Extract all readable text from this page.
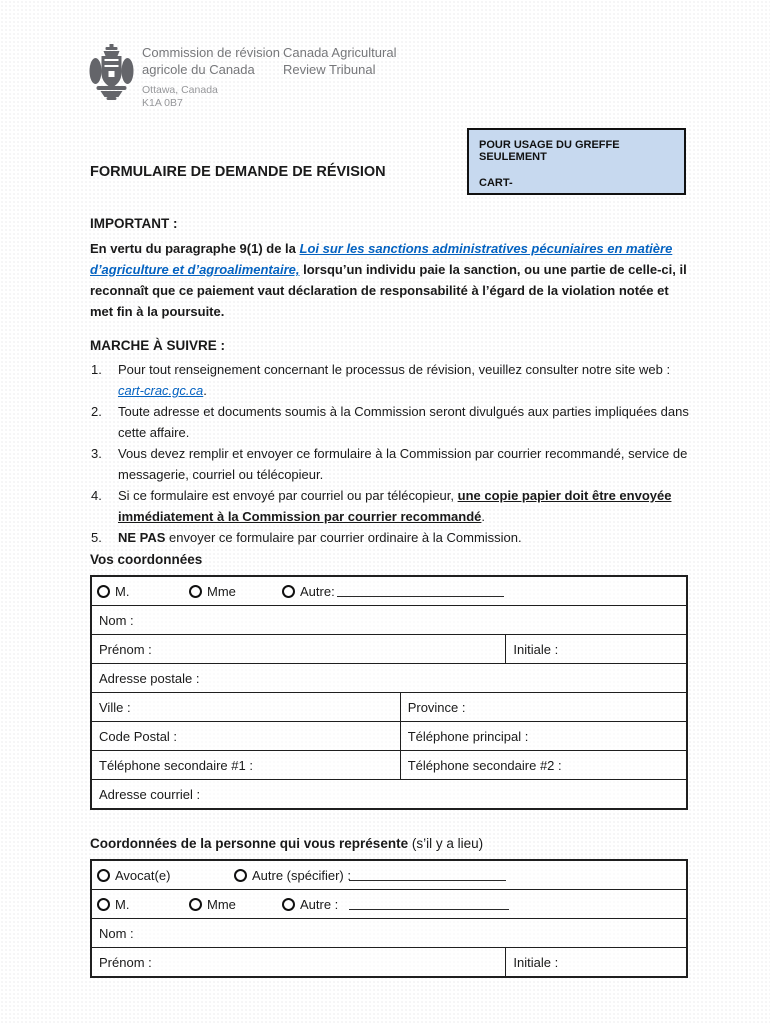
Commission de révision
agricole du Canada
Ottawa, Canada
K1A 0B7
Canada Agricultural
Review Tribunal
POUR USAGE DU GREFFE SEULEMENT
CART-
FORMULAIRE DE DEMANDE DE RÉVISION
IMPORTANT :
En vertu du paragraphe 9(1) de la Loi sur les sanctions administratives pécuniaires en matière d’agriculture et d’agroalimentaire, lorsqu’un individu paie la sanction, ou une partie de celle-ci, il reconnaît que ce paiement vaut déclaration de responsabilité à l’égard de la violation notée et met fin à la poursuite.
MARCHE À SUIVRE :
1. Pour tout renseignement concernant le processus de révision, veuillez consulter notre site web : cart-crac.gc.ca.
2. Toute adresse et documents soumis à la Commission seront divulgués aux parties impliquées dans cette affaire.
3. Vous devez remplir et envoyer ce formulaire à la Commission par courrier recommandé, service de messagerie, courriel ou télécopieur.
4. Si ce formulaire est envoyé par courriel ou par télécopieur, une copie papier doit être envoyée immédiatement à la Commission par courrier recommandé.
5. NE PAS envoyer ce formulaire par courrier ordinaire à la Commission.
Vos coordonnées
M.	Mme	Autre:
Nom :
Prénom :	Initiale :
Adresse postale :
Ville :	Province :
Code Postal :	Téléphone principal :
Téléphone secondaire #1 :	Téléphone secondaire #2 :
Adresse courriel :
Coordonnées de la personne qui vous représente (s’il y a lieu)
Avocat(e)	Autre (spécifier) :
M.	Mme	Autre :
Nom :
Prénom :	Initiale :
